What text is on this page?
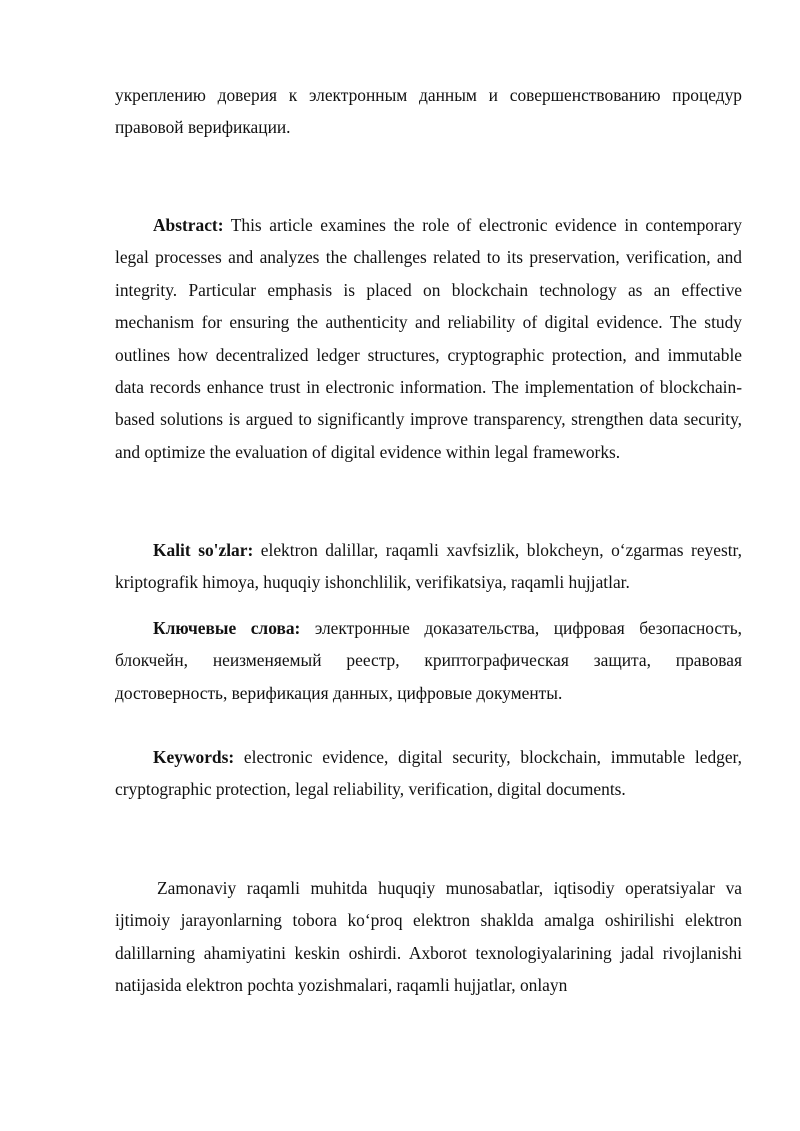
укреплению доверия к электронным данным и совершенствованию процедур правовой верификации.

Abstract: This article examines the role of electronic evidence in contemporary legal processes and analyzes the challenges related to its preservation, verification, and integrity. Particular emphasis is placed on blockchain technology as an effective mechanism for ensuring the authenticity and reliability of digital evidence. The study outlines how decentralized ledger structures, cryptographic protection, and immutable data records enhance trust in electronic information. The implementation of blockchain-based solutions is argued to significantly improve transparency, strengthen data security, and optimize the evaluation of digital evidence within legal frameworks.

Kalit so'zlar: elektron dalillar, raqamli xavfsizlik, blokcheyn, o‘zgarmas reyestr, kriptografik himoya, huquqiy ishonchlilik, verifikatsiya, raqamli hujjatlar.

Ключевые слова: электронные доказательства, цифровая безопасность, блокчейн, неизменяемый реестр, криптографическая защита, правовая достоверность, верификация данных, цифровые документы.

Keywords: electronic evidence, digital security, blockchain, immutable ledger, cryptographic protection, legal reliability, verification, digital documents.

Zamonaviy raqamli muhitda huquqiy munosabatlar, iqtisodiy operatsiyalar va ijtimoiy jarayonlarning tobora ko‘proq elektron shaklda amalga oshirilishi elektron dalillarning ahamiyatini keskin oshirdi. Axborot texnologiyalarining jadal rivojlanishi natijasida elektron pochta yozishmalari, raqamli hujjatlar, onlayn
